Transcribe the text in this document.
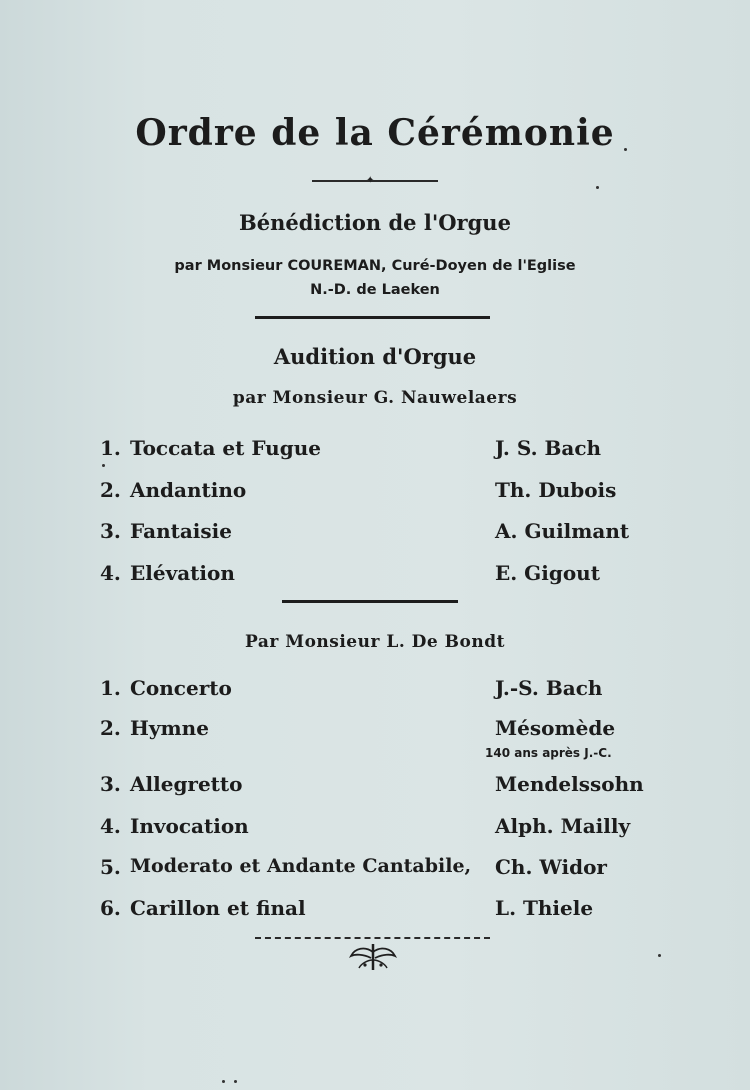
Ordre de la Cérémonie
✦
Bénédiction de l'Orgue
par Monsieur COUREMAN, Curé-Doyen de l'Eglise
N.-D. de Laeken
Audition d'Orgue
par Monsieur G. Nauwelaers
1. Toccata et Fugue	J. S. Bach
2. Andantino	Th. Dubois
3. Fantaisie	A. Guilmant
4. Elévation	E. Gigout
Par Monsieur L. De Bondt
1. Concerto	J.-S. Bach
2. Hymne	Mésomède
140 ans après J.-C.
3. Allegretto	Mendelssohn
4. Invocation	Alph. Mailly
5. Moderato et Andante Cantabile, Ch. Widor
6. Carillon et final	L. Thiele
